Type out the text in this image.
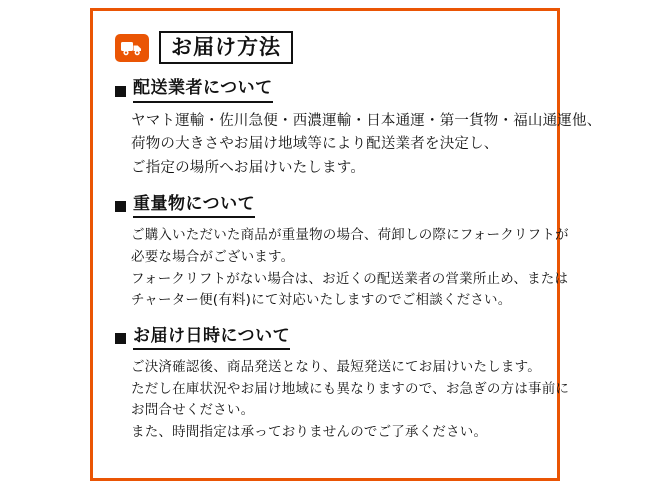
お届け方法
配送業者について

ヤマト運輸・佐川急便・西濃運輸・日本通運・第一貨物・福山通運他、
荷物の大きさやお届け地域等により配送業者を決定し、
ご指定の場所へお届けいたします。

重量物について

ご購入いただいた商品が重量物の場合、荷卸しの際にフォークリフトが
必要な場合がございます。
フォークリフトがない場合は、お近くの配送業者の営業所止め、または
チャーター便(有料)にて対応いたしますのでご相談ください。

お届け日時について

ご決済確認後、商品発送となり、最短発送にてお届けいたします。
ただし在庫状況やお届け地域にも異なりますので、お急ぎの方は事前に
お問合せください。
また、時間指定は承っておりませんのでご了承ください。
